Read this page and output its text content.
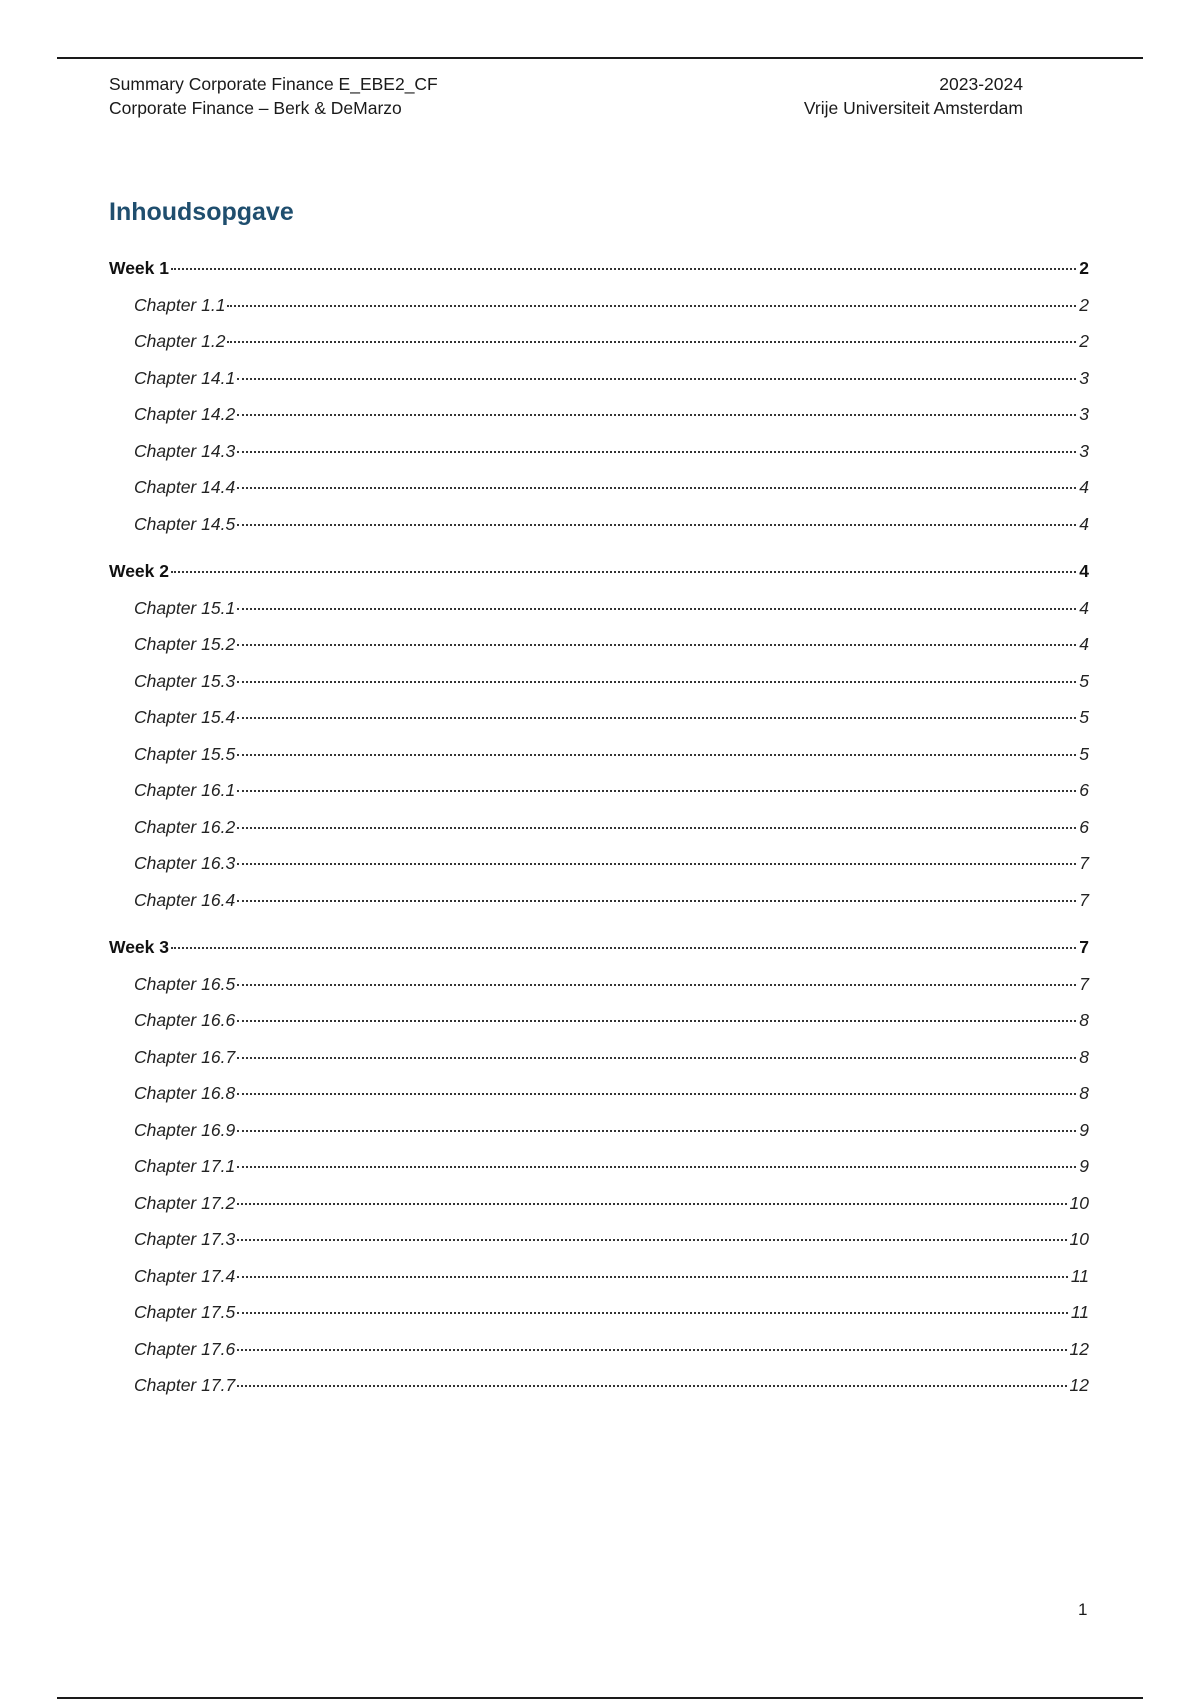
Summary Corporate Finance E_EBE2_CF	2023-2024
Corporate Finance – Berk & DeMarzo	Vrije Universiteit Amsterdam
Inhoudsopgave
Week 1	2
Chapter 1.1	2
Chapter 1.2	2
Chapter 14.1	3
Chapter 14.2	3
Chapter 14.3	3
Chapter 14.4	4
Chapter 14.5	4
Week 2	4
Chapter 15.1	4
Chapter 15.2	4
Chapter 15.3	5
Chapter 15.4	5
Chapter 15.5	5
Chapter 16.1	6
Chapter 16.2	6
Chapter 16.3	7
Chapter 16.4	7
Week 3	7
Chapter 16.5	7
Chapter 16.6	8
Chapter 16.7	8
Chapter 16.8	8
Chapter 16.9	9
Chapter 17.1	9
Chapter 17.2	10
Chapter 17.3	10
Chapter 17.4	11
Chapter 17.5	11
Chapter 17.6	12
Chapter 17.7	12
1
